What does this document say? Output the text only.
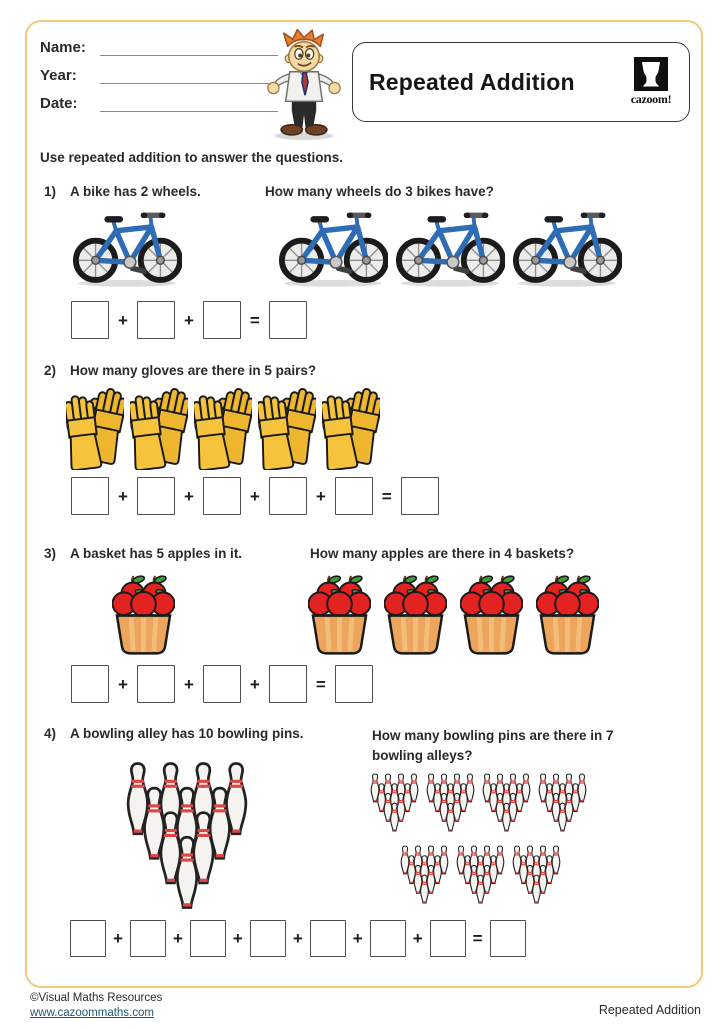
Name:
Year:
Date:
Repeated Addition
cazoom!
Use repeated addition to answer the questions.
1) A bike has 2 wheels.	How many wheels do 3 bikes have?
+	+	=
2) How many gloves are there in 5 pairs?
+	+	+	+	=
3) A basket has 5 apples in it.	How many apples are there in 4 baskets?
+	+	+	=
4) A bowling alley has 10 bowling pins.	How many bowling pins are there in 7 bowling alleys?
+	+	+	+	+	+	=
©Visual Maths Resources
www.cazoommaths.com	Repeated Addition
